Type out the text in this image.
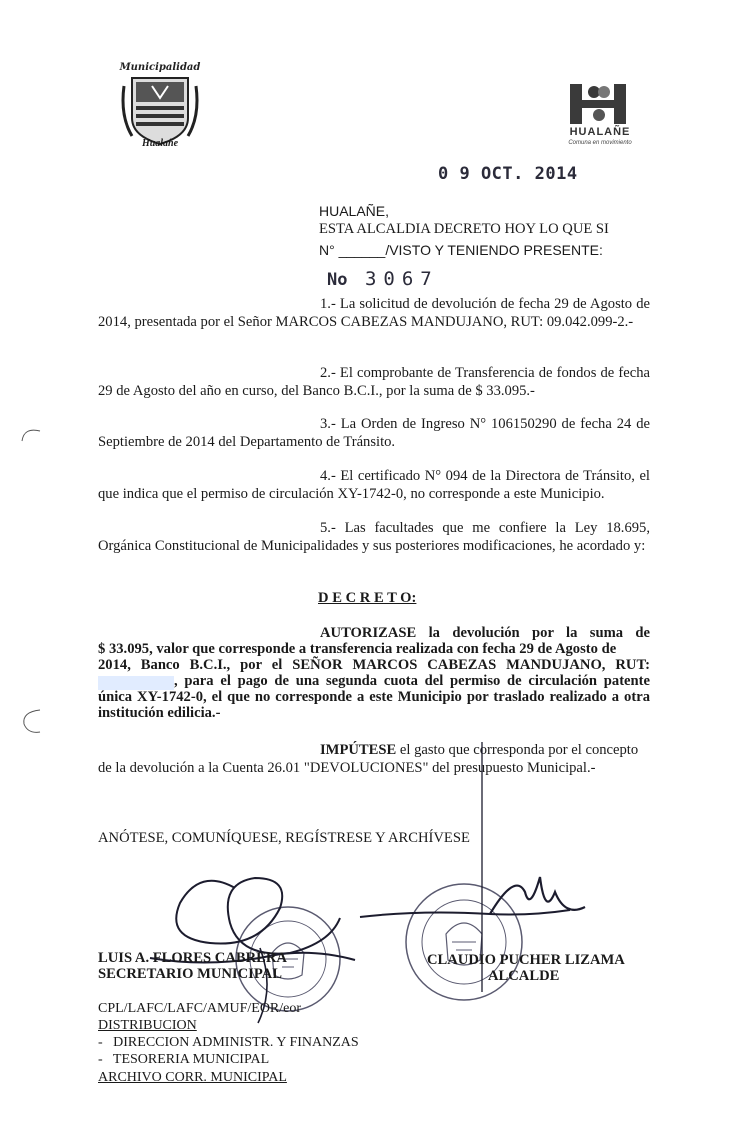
Municipalidad
Hualañe
HUALAÑE
Comuna en movimiento
0 9 OCT. 2014
HUALAÑE,
ESTA ALCALDIA DECRETO HOY LO QUE SI
N° ______/VISTO Y TENIENDO PRESENTE:
No 3067
1.- La solicitud de devolución de fecha 29 de Agosto de 2014, presentada por el Señor MARCOS CABEZAS MANDUJANO, RUT: 09.042.099-2.-
2.- El comprobante de Transferencia de fondos de fecha 29 de Agosto del año en curso, del Banco B.C.I., por la suma de $ 33.095.-
3.- La Orden de Ingreso N° 106150290 de fecha 24 de Septiembre de 2014 del Departamento de Tránsito.
4.- El certificado N° 094 de la Directora de Tránsito, el que indica que el permiso de circulación XY-1742-0, no corresponde a este Municipio.
5.- Las facultades que me confiere la Ley 18.695, Orgánica Constitucional de Municipalidades y sus posteriores modificaciones, he acordado y:
D E C R E T O:
AUTORIZASE la devolución por la suma de
$ 33.095, valor que corresponde a transferencia realizada con fecha 29 de Agosto de
2014, Banco B.C.I., por el SEÑOR MARCOS CABEZAS MANDUJANO, RUT:
, para el pago de una segunda cuota del permiso de circulación patente
única XY-1742-0, el que no corresponde a este Municipio por traslado realizado a otra
institución edilicia.-
IMPÚTESE el gasto que corresponda por el concepto
de la devolución a la Cuenta 26.01 "DEVOLUCIONES" del presupuesto Municipal.-
ANÓTESE, COMUNÍQUESE, REGÍSTRESE Y ARCHÍVESE
LUIS A. FLORES CABRERA
SECRETARIO MUNICIPAL
CLAUDIO PUCHER LIZAMA
ALCALDE
CPL/LAFC/LAFC/AMUF/EOR/eor
DISTRIBUCION
-   DIRECCION ADMINISTR. Y FINANZAS
-   TESORERIA MUNICIPAL
ARCHIVO CORR. MUNICIPAL
